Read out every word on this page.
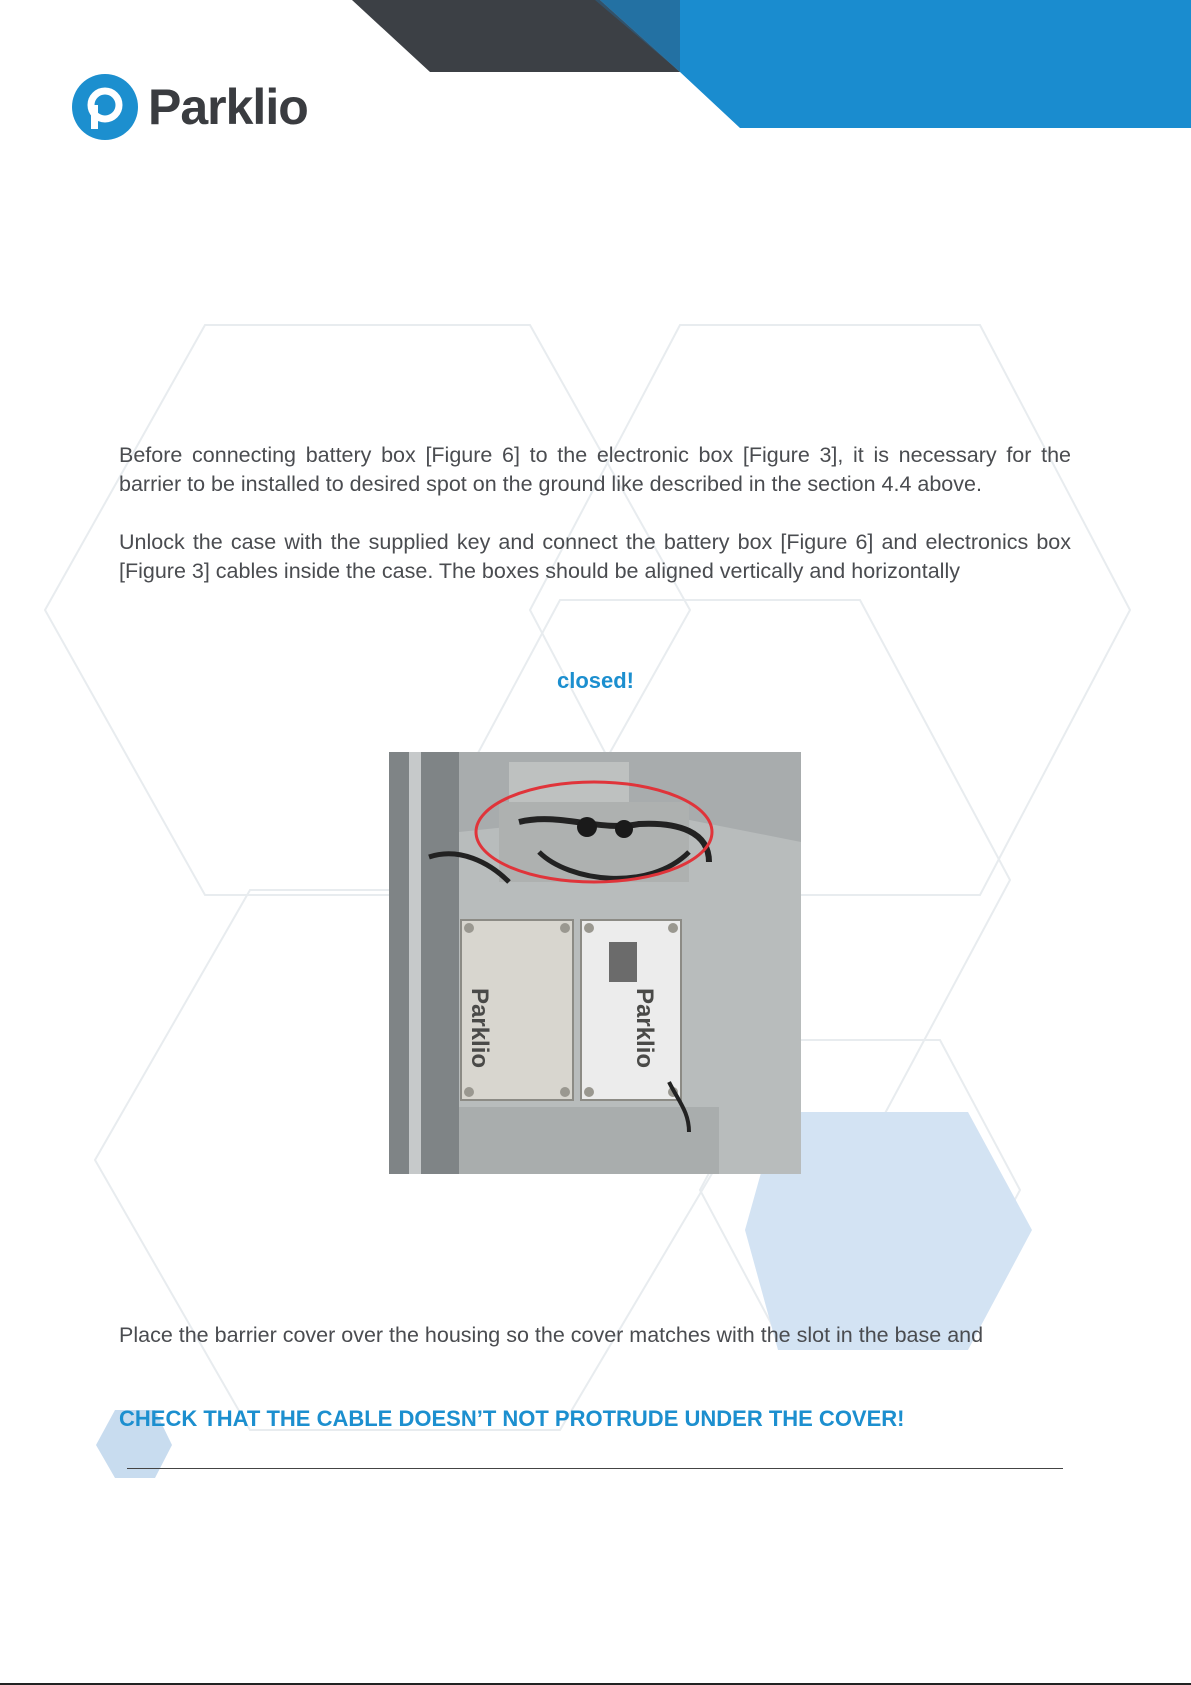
Parklio
Before connecting battery box [Figure 6] to the electronic box [Figure 3], it is necessary for the barrier to be installed to desired spot on the ground like described in the section 4.4 above.
Unlock the case with the supplied key and connect the battery box [Figure 6] and electronics box [Figure 3] cables inside the case. The boxes should be aligned vertically and horizontally
closed!
Parklio	Parklio
Place the barrier cover over the housing so the cover matches with the slot in the base and
CHECK THAT THE CABLE DOESN’T NOT PROTRUDE UNDER THE COVER!
